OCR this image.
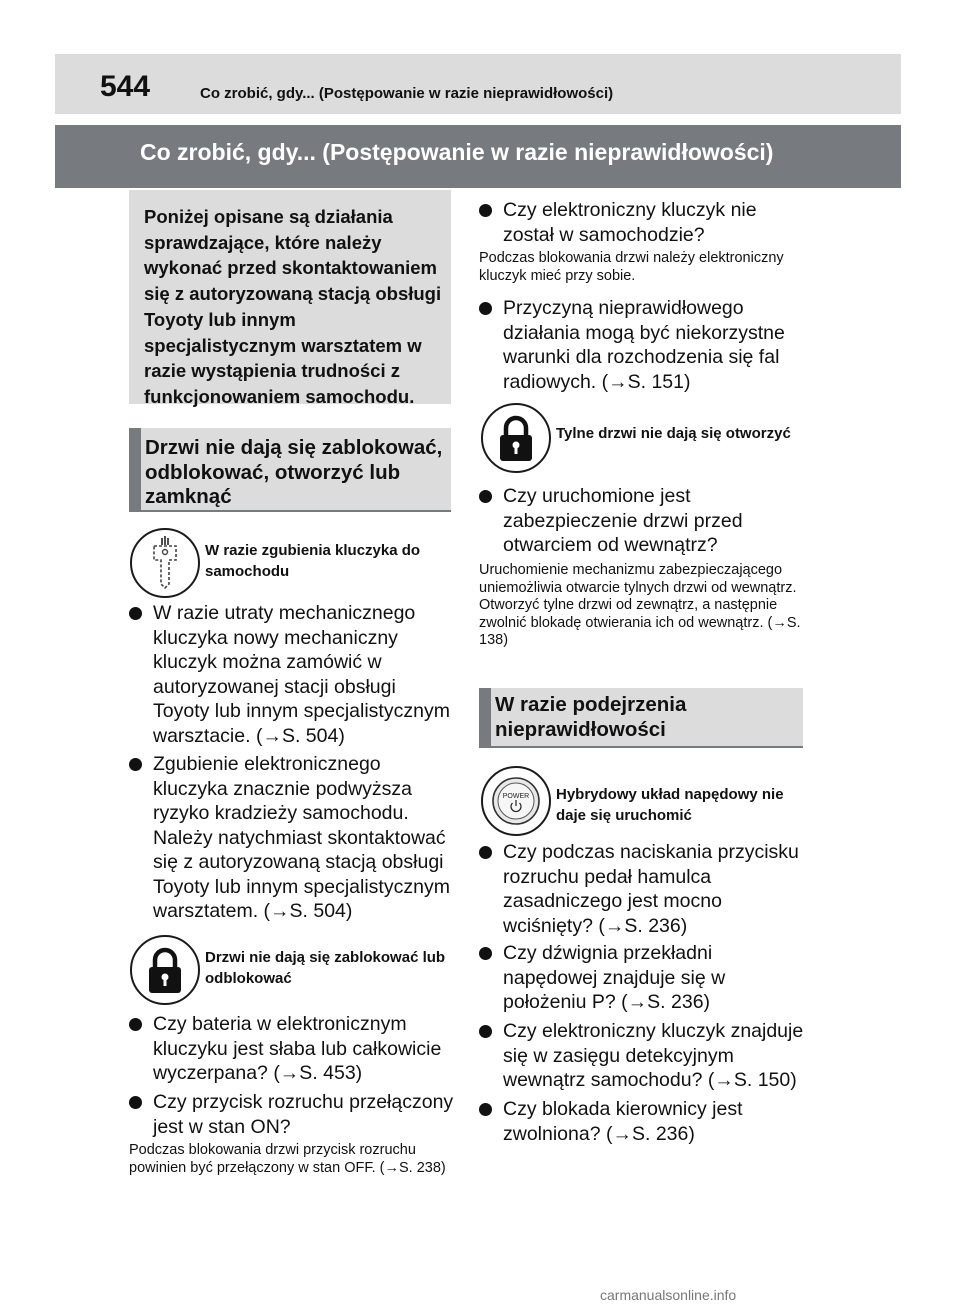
544	Co zrobić, gdy... (Postępowanie w razie nieprawidłowości)
Co zrobić, gdy... (Postępowanie w razie nieprawidłowości)
Poniżej opisane są działania sprawdzające, które należy wykonać przed skontaktowaniem się z autoryzowaną stacją obsługi Toyoty lub innym specjalistycznym warsztatem w razie wystąpienia trudności z funkcjonowaniem samochodu.
Drzwi nie dają się zablokować, odblokować, otworzyć lub zamknąć
W razie zgubienia kluczyka do samochodu
W razie utraty mechanicznego kluczyka nowy mechaniczny kluczyk można zamówić w autoryzowanej stacji obsługi Toyoty lub innym specjalistycznym warsztacie. (→S. 504)
Zgubienie elektronicznego kluczyka znacznie podwyższa ryzyko kradzieży samochodu. Należy natychmiast skontaktować się z autoryzowaną stacją obsługi Toyoty lub innym specjalistycznym warsztatem. (→S. 504)
Drzwi nie dają się zablokować lub odblokować
Czy bateria w elektronicznym kluczyku jest słaba lub całkowicie wyczerpana? (→S. 453)
Czy przycisk rozruchu przełączony jest w stan ON?
Podczas blokowania drzwi przycisk rozruchu powinien być przełączony w stan OFF. (→S. 238)
Czy elektroniczny kluczyk nie został w samochodzie?
Podczas blokowania drzwi należy elektroniczny kluczyk mieć przy sobie.
Przyczyną nieprawidłowego działania mogą być niekorzystne warunki dla rozchodzenia się fal radiowych. (→S. 151)
Tylne drzwi nie dają się otworzyć
Czy uruchomione jest zabezpieczenie drzwi przed otwarciem od wewnątrz?
Uruchomienie mechanizmu zabezpieczającego uniemożliwia otwarcie tylnych drzwi od wewnątrz. Otworzyć tylne drzwi od zewnątrz, a następnie zwolnić blokadę otwierania ich od wewnątrz. (→S. 138)
W razie podejrzenia nieprawidłowości
POWER Hybrydowy układ napędowy nie daje się uruchomić
Czy podczas naciskania przycisku rozruchu pedał hamulca zasadniczego jest mocno wciśnięty? (→S. 236)
Czy dźwignia przekładni napędowej znajduje się w położeniu P? (→S. 236)
Czy elektroniczny kluczyk znajduje się w zasięgu detekcyjnym wewnątrz samochodu? (→S. 150)
Czy blokada kierownicy jest zwolniona? (→S. 236)
carmanualsonline.info
